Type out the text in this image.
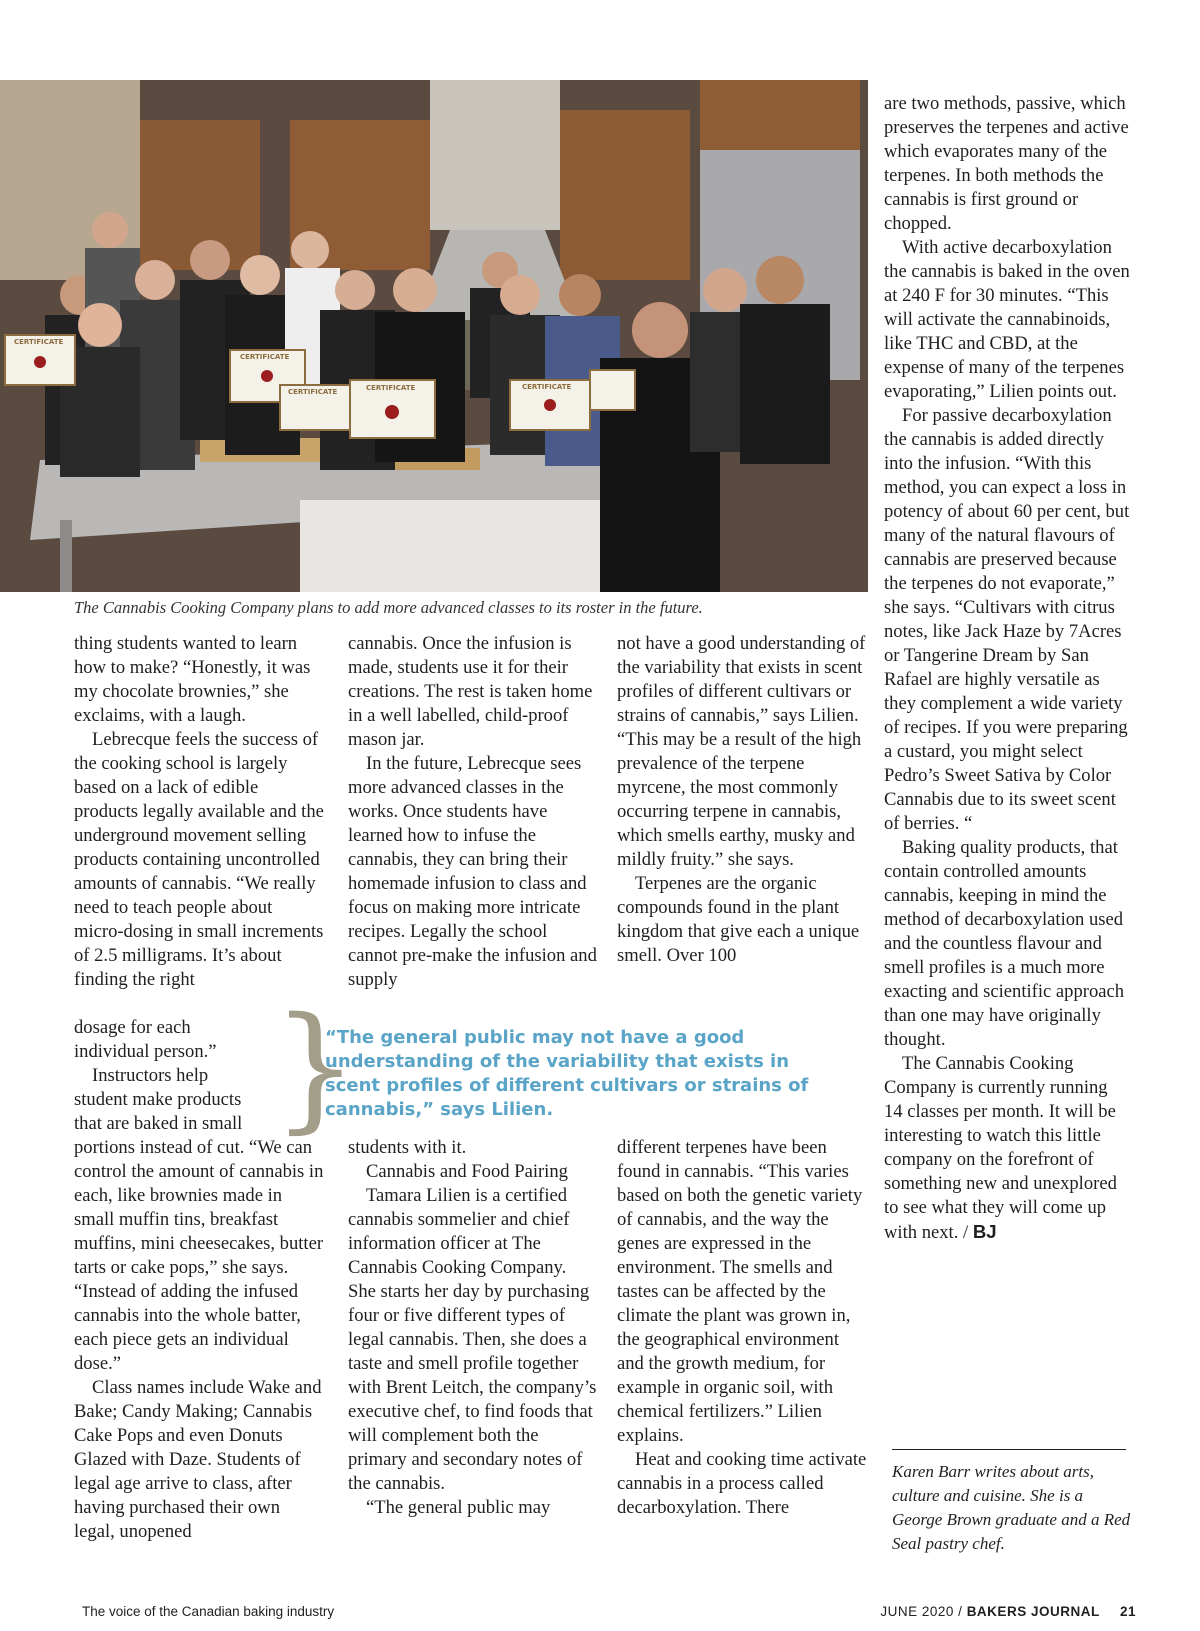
CERTIFICATE
CERTIFICATE
CERTIFICATE	CERTIFICATE	CERTIFICATE
The Cannabis Cooking Company plans to add more advanced classes to its roster in the future.

thing students wanted to learn how to make? “Honestly, it was my chocolate brownies,” she exclaims, with a laugh.

Lebrecque feels the success of the cooking school is largely based on a lack of edible products legally available and the underground movement selling products containing uncontrolled amounts of cannabis. “We really need to teach people about micro-dosing in small increments of 2.5 milligrams. It’s about finding the right

dosage for each

individual person.”

Instructors help

student make products

that are baked in small

portions instead of cut. “We can control the amount of cannabis in each, like brownies made in small muffin tins, breakfast muffins, mini cheesecakes, butter tarts or cake pops,” she says. “Instead of adding the infused cannabis into the whole batter, each piece gets an individual dose.”

Class names include Wake and Bake; Candy Making; Cannabis Cake Pops and even Donuts Glazed with Daze. Students of legal age arrive to class, after having purchased their own legal, unopened

cannabis. Once the infusion is made, students use it for their creations. The rest is taken home in a well labelled, child-proof mason jar.

In the future, Lebrecque sees more advanced classes in the works. Once students have learned how to infuse the cannabis, they can bring their homemade infusion to class and focus on making more intricate recipes. Legally the school cannot pre-make the infusion and supply

students with it.

Cannabis and Food Pairing

Tamara Lilien is a certified cannabis sommelier and chief information officer at The Cannabis Cooking Company. She starts her day by purchasing four or five different types of legal cannabis. Then, she does a taste and smell profile together with Brent Leitch, the company’s executive chef, to find foods that will complement both the primary and secondary notes of the cannabis.

“The general public may

not have a good understanding of the variability that exists in scent profiles of different cultivars or strains of cannabis,” says Lilien. “This may be a result of the high prevalence of the terpene myrcene, the most commonly occurring terpene in cannabis, which smells earthy, musky and mildly fruity.” she says.

Terpenes are the organic compounds found in the plant kingdom that give each a unique smell. Over 100

different terpenes have been found in cannabis. “This varies based on both the genetic variety of cannabis, and the way the genes are expressed in the environment. The smells and tastes can be affected by the climate the plant was grown in, the geographical environment and the growth medium, for example in organic soil, with chemical fertilizers.” Lilien explains.

Heat and cooking time activate cannabis in a process called decarboxylation. There

are two methods, passive, which preserves the terpenes and active which evaporates many of the terpenes. In both methods the cannabis is first ground or chopped.

With active decarboxylation the cannabis is baked in the oven at 240 F for 30 minutes. “This will activate the cannabinoids, like THC and CBD, at the expense of many of the terpenes evaporating,” Lilien points out.

For passive decarboxylation the cannabis is added directly into the infusion. “With this method, you can expect a loss in potency of about 60 per cent, but many of the natural flavours of cannabis are preserved because the terpenes do not evaporate,” she says. “Cultivars with citrus notes, like Jack Haze by 7Acres or Tangerine Dream by San Rafael are highly versatile as they complement a wide variety of recipes. If you were preparing a custard, you might select Pedro’s Sweet Sativa by Color Cannabis due to its sweet scent of berries. “

Baking quality products, that contain controlled amounts cannabis, keeping in mind the method of decarboxylation used and the countless flavour and smell profiles is a much more exacting and scientific approach than one may have originally thought.

The Cannabis Cooking Company is currently running 14 classes per month. It will be interesting to watch this little company on the forefront of something new and unexplored to see what they will come up with next. / BJ

}
“The general public may not have a good understanding of the variability that exists in scent profiles of different cultivars or strains of cannabis,” says Lilien.
Karen Barr writes about arts, culture and cuisine. She is a George Brown graduate and a Red Seal pastry chef.
The voice of the Canadian baking industry	JUNE 2020 / BAKERS JOURNAL 21
